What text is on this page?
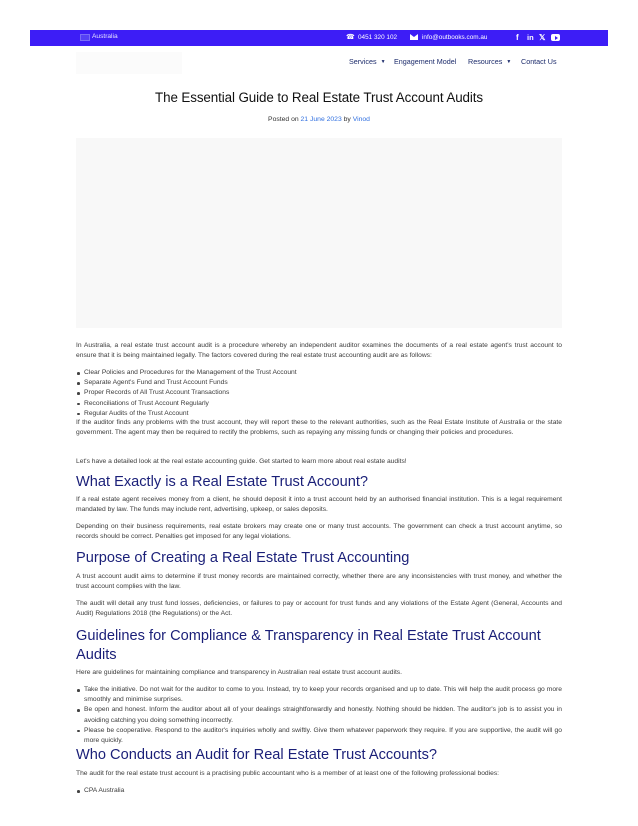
Australia	☎ 0451 320 102	info@outbooks.com.au	f in 𝕏
Services ▼ Engagement Model Resources ▼ Contact Us
The Essential Guide to Real Estate Trust Account Audits
Posted on 21 June 2023 by Vinod

In Australia, a real estate trust account audit is a procedure whereby an independent auditor examines the documents of a real estate agent's trust account to ensure that it is being maintained legally. The factors covered during the real estate trust accounting audit are as follows:

Clear Policies and Procedures for the Management of the Trust Account
Separate Agent's Fund and Trust Account Funds
Proper Records of All Trust Account Transactions
Reconciliations of Trust Account Regularly
Regular Audits of the Trust Account

If the auditor finds any problems with the trust account, they will report these to the relevant authorities, such as the Real Estate Institute of Australia or the state government. The agent may then be required to rectify the problems, such as repaying any missing funds or changing their policies and procedures.

Let's have a detailed look at the real estate accounting guide. Get started to learn more about real estate audits!

What Exactly is a Real Estate Trust Account?

If a real estate agent receives money from a client, he should deposit it into a trust account held by an authorised financial institution. This is a legal requirement mandated by law. The funds may include rent, advertising, upkeep, or sales deposits.

Depending on their business requirements, real estate brokers may create one or many trust accounts. The government can check a trust account anytime, so records should be correct. Penalties get imposed for any legal violations.

Purpose of Creating a Real Estate Trust Accounting

A trust account audit aims to determine if trust money records are maintained correctly, whether there are any inconsistencies with trust money, and whether the trust account complies with the law.

The audit will detail any trust fund losses, deficiencies, or failures to pay or account for trust funds and any violations of the Estate Agent (General, Accounts and Audit) Regulations 2018 (the Regulations) or the Act.

Guidelines for Compliance & Transparency in Real Estate Trust Account Audits

Here are guidelines for maintaining compliance and transparency in Australian real estate trust account audits.

Take the initiative. Do not wait for the auditor to come to you. Instead, try to keep your records organised and up to date. This will help the audit process go more smoothly and minimise surprises.
Be open and honest. Inform the auditor about all of your dealings straightforwardly and honestly. Nothing should be hidden. The auditor's job is to assist you in avoiding catching you doing something incorrectly.
Please be cooperative. Respond to the auditor's inquiries wholly and swiftly. Give them whatever paperwork they require. If you are supportive, the audit will go more quickly.
Who Conducts an Audit for Real Estate Trust Accounts?

The audit for the real estate trust account is a practising public accountant who is a member of at least one of the following professional bodies:

CPA Australia
